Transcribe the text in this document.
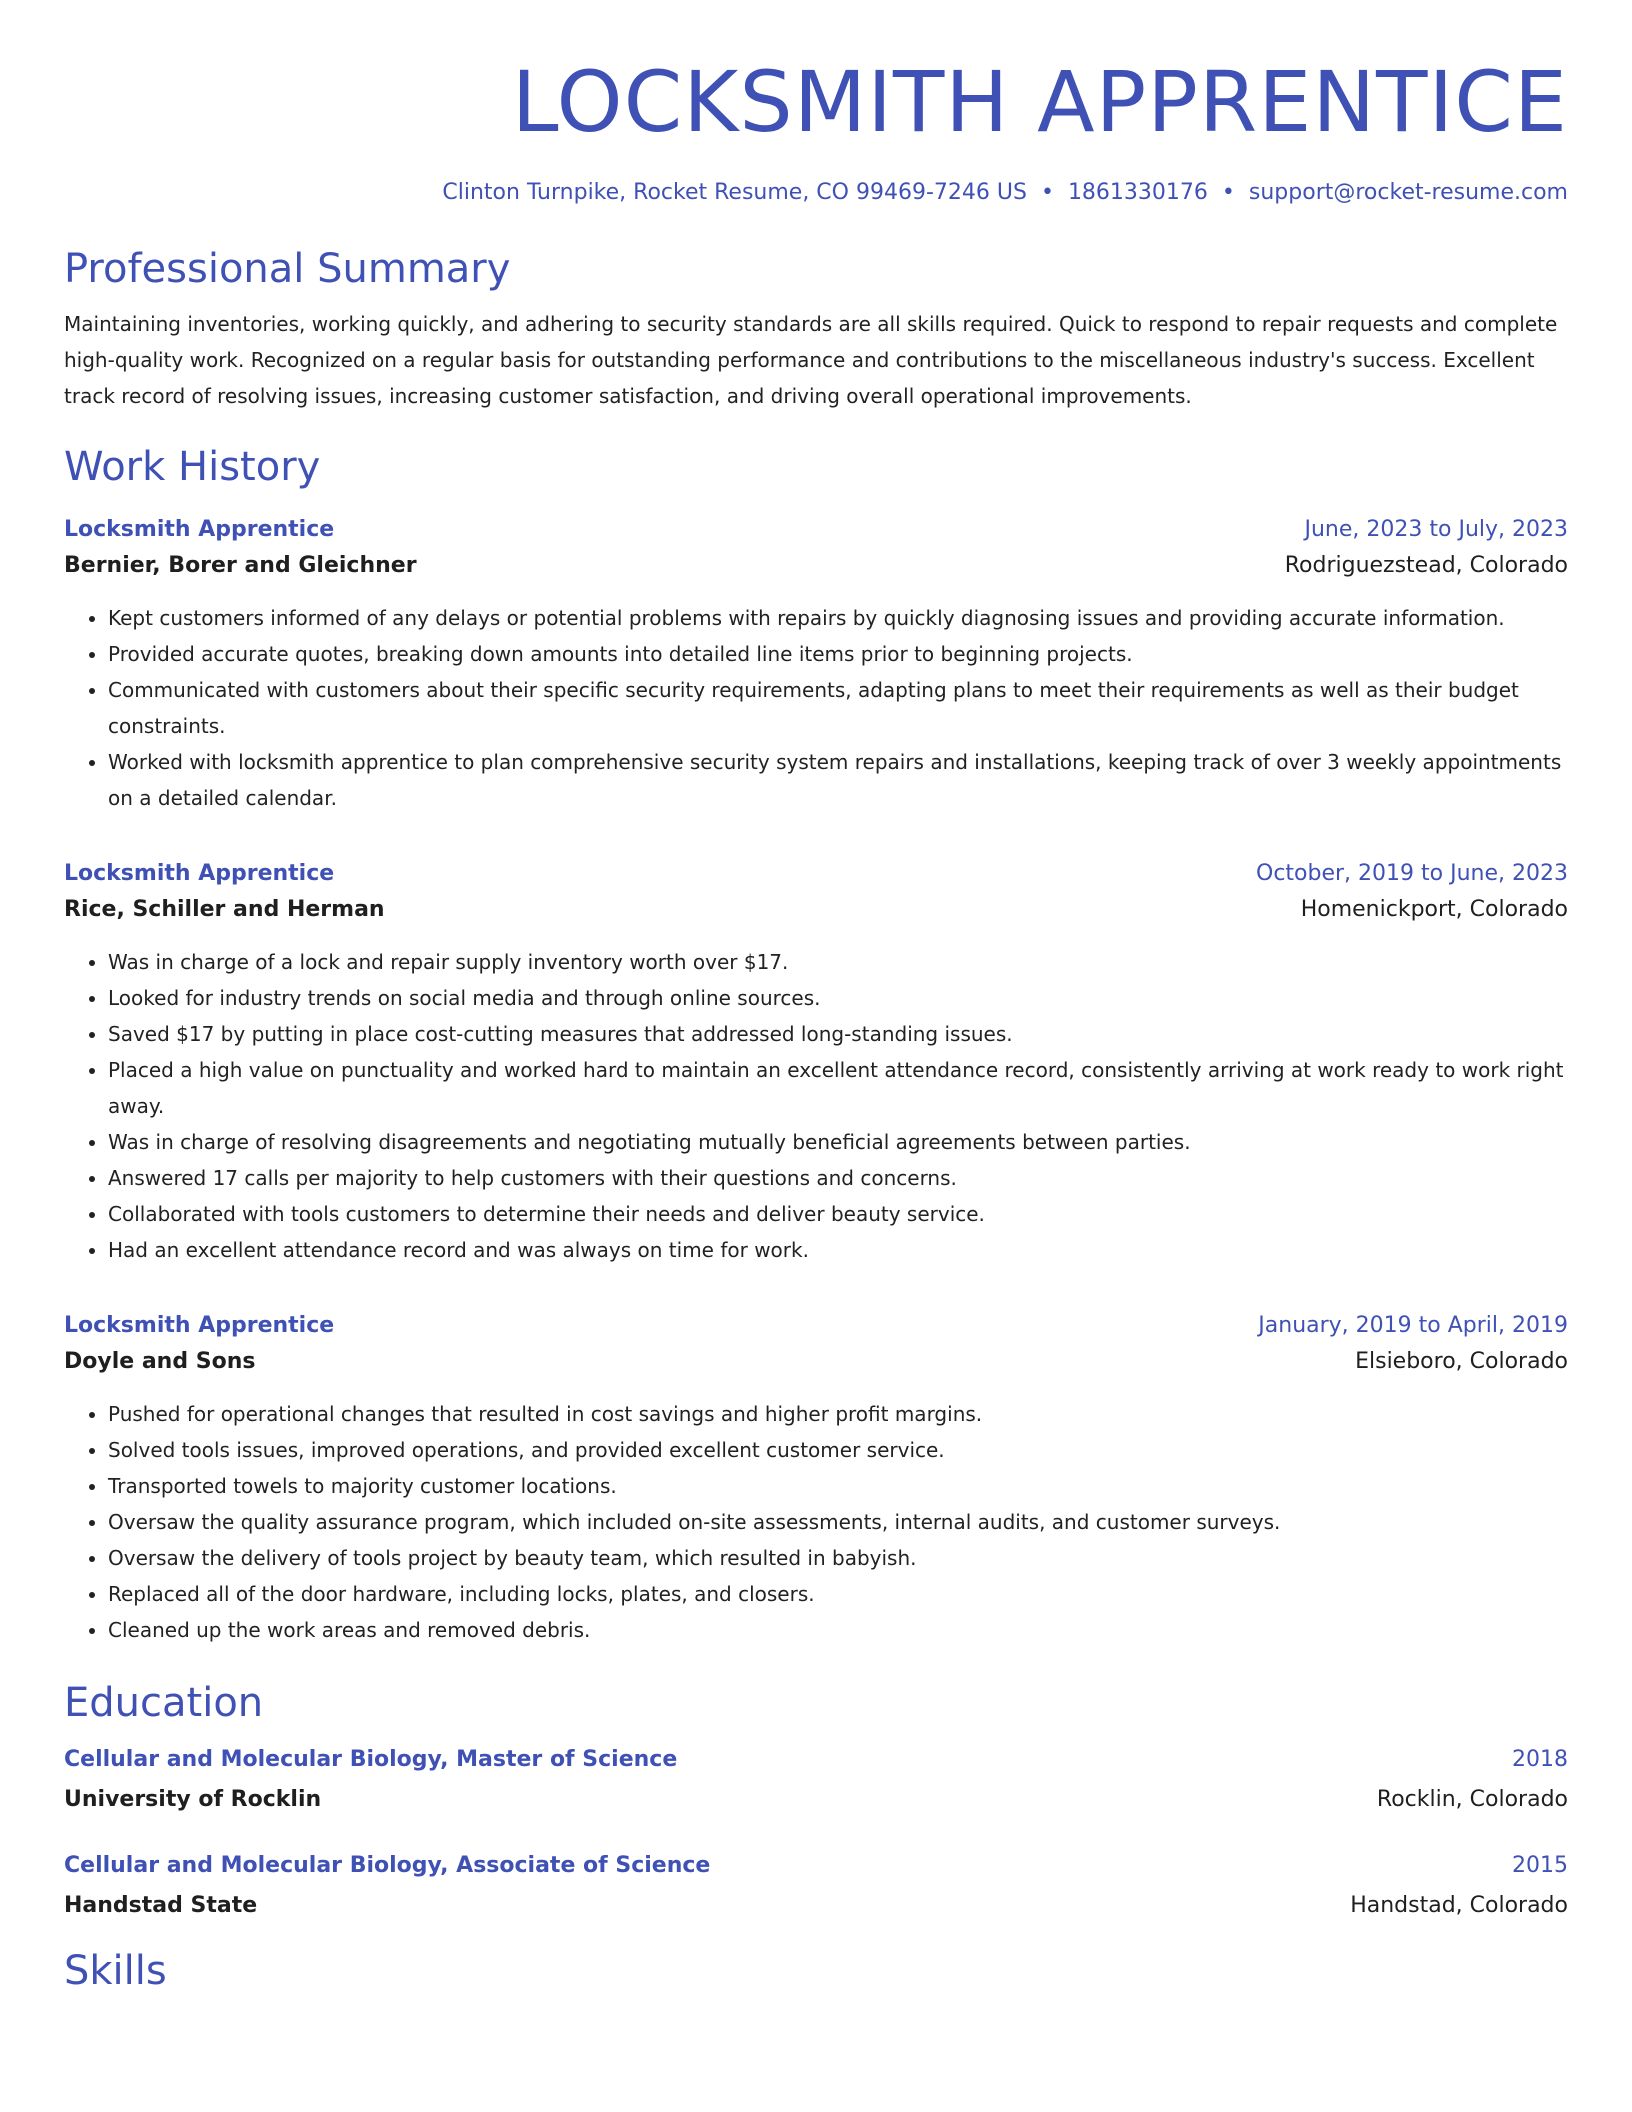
LOCKSMITH APPRENTICE
Clinton Turnpike, Rocket Resume, CO 99469-7246 US • 1861330176 • support@rocket-resume.com
Professional Summary
Maintaining inventories, working quickly, and adhering to security standards are all skills required. Quick to respond to repair requests and complete high-quality work. Recognized on a regular basis for outstanding performance and contributions to the miscellaneous industry's success. Excellent track record of resolving issues, increasing customer satisfaction, and driving overall operational improvements.
Work History
Locksmith Apprentice	June, 2023 to July, 2023
Bernier, Borer and Gleichner	Rodriguezstead, Colorado
• Kept customers informed of any delays or potential problems with repairs by quickly diagnosing issues and providing accurate information.
• Provided accurate quotes, breaking down amounts into detailed line items prior to beginning projects.
• Communicated with customers about their specific security requirements, adapting plans to meet their requirements as well as their budget constraints.
• Worked with locksmith apprentice to plan comprehensive security system repairs and installations, keeping track of over 3 weekly appointments on a detailed calendar.
Locksmith Apprentice	October, 2019 to June, 2023
Rice, Schiller and Herman	Homenickport, Colorado
• Was in charge of a lock and repair supply inventory worth over $17.
• Looked for industry trends on social media and through online sources.
• Saved $17 by putting in place cost-cutting measures that addressed long-standing issues.
• Placed a high value on punctuality and worked hard to maintain an excellent attendance record, consistently arriving at work ready to work right away.
• Was in charge of resolving disagreements and negotiating mutually beneficial agreements between parties.
• Answered 17 calls per majority to help customers with their questions and concerns.
• Collaborated with tools customers to determine their needs and deliver beauty service.
• Had an excellent attendance record and was always on time for work.
Locksmith Apprentice	January, 2019 to April, 2019
Doyle and Sons	Elsieboro, Colorado
• Pushed for operational changes that resulted in cost savings and higher profit margins.
• Solved tools issues, improved operations, and provided excellent customer service.
• Transported towels to majority customer locations.
• Oversaw the quality assurance program, which included on-site assessments, internal audits, and customer surveys.
• Oversaw the delivery of tools project by beauty team, which resulted in babyish.
• Replaced all of the door hardware, including locks, plates, and closers.
• Cleaned up the work areas and removed debris.
Education
Cellular and Molecular Biology, Master of Science	2018
University of Rocklin	Rocklin, Colorado
Cellular and Molecular Biology, Associate of Science	2015
Handstad State	Handstad, Colorado
Skills
